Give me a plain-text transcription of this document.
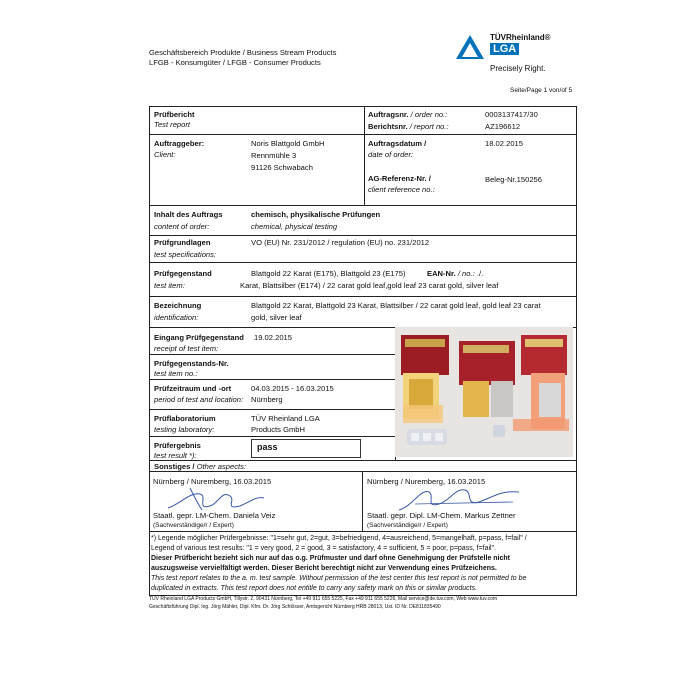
Geschäftsbereich Produkte / Business Stream Products
LFGB - Konsumgüter / LFGB - Consumer Products
TÜVRheinland®
LGA
Precisely Right.
Seite/Page 1 von/of 5
Prüfbericht
Test report
Auftragsnr. / order no.:	0003137417/30
Berichtsnr. / report no.:	AZ196612
Auftraggeber:
Client:
Noris Blattgold GmbH
Rennmühle 3
91126 Schwabach
Auftragsdatum /
date of order:
18.02.2015
AG-Referenz-Nr. /
client reference no.:
Beleg-Nr.150256
Inhalt des Auftrags
content of order:
chemisch, physikalische Prüfungen
chemical, physical testing
Prüfgrundlagen
test specifications:
VO (EU) Nr. 231/2012 / regulation (EU) no. 231/2012
Prüfgegenstand
test item:
Blattgold 22 Karat (E175), Blattgold 23 (E175)	EAN-Nr. / no.: ./.
Karat, Blattsilber (E174) / 22 carat gold leaf,gold leaf 23 carat gold, silver leaf
Bezeichnung
identification:
Blattgold 22 Karat, Blattgold 23 Karat, Blattsilber / 22 carat gold leaf, gold leaf 23 carat
gold, silver leaf
Eingang Prüfgegenstand
receipt of test item:
19.02.2015
Prüfgegenstands-Nr.
test item no.:
Prüfzeitraum und -ort
period of test and location:
04.03.2015 - 16.03.2015
Nürnberg
Prüflaboratorium
testing laboratory:
TÜV Rheinland LGA
Products GmbH
Prüfergebnis
test result *):
pass
Sonstiges / Other aspects:
Nürnberg / Nuremberg, 16.03.2015
Staatl. gepr. LM-Chem. Daniela Veiz
(Sachverständige/r / Expert)
Nürnberg / Nuremberg, 16.03.2015
Staatl. gepr. Dipl. LM-Chem. Markus Zettner
(Sachverständige/r / Expert)
*) Legende möglicher Prüfergebnisse: "1=sehr gut, 2=gut, 3=befriedigend, 4=ausreichend, 5=mangelhaft, p=pass, f=fail" /
Legend of various test results: "1 = very good, 2 = good, 3 = satisfactory, 4 = sufficient, 5 = poor, p=pass, f=fail".
Dieser Prüfbericht bezieht sich nur auf das o.g. Prüfmuster und darf ohne Genehmigung der Prüfstelle nicht
auszugsweise vervielfältigt werden. Dieser Bericht berechtigt nicht zur Verwendung eines Prüfzeichens.
This test report relates to the a. m. test sample. Without permission of the test center this test report is not permitted to be
duplicated in extracts. This test report does not entitle to carry any safety mark on this or similar products.
TÜV Rheinland LGA Products GmbH, Tillystr. 2, 90431 Nürnberg, Tel +49 911 655 5225, Fax +49 911 655 5226, Mail service@de.tuv.com, Web www.tuv.com
Geschäftsführung Dipl. Ing. Jörg Mähler, Dipl. Kfm. Dr. Jörg Schlösser, Amtsgericht Nürnberg HRB 28013, Ust. ID Nr. DE811835490
